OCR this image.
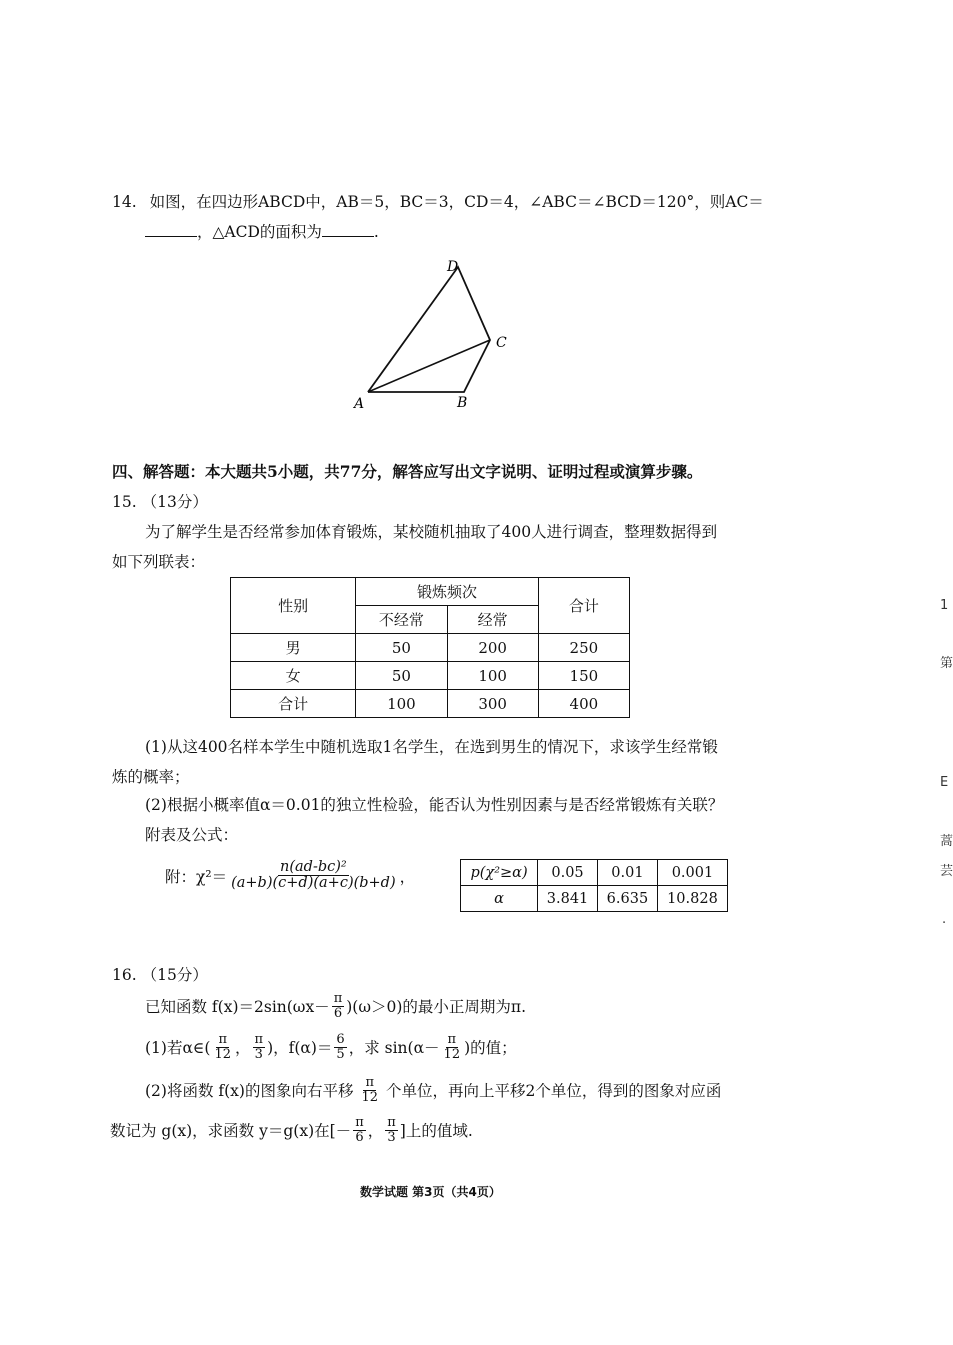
14. 如图，在四边形ABCD中，AB＝5，BC＝3，CD＝4，∠ABC＝∠BCD＝120°，则AC＝
，△ACD的面积为	.
D
C
A	B
四、解答题：本大题共5小题，共77分，解答应写出文字说明、证明过程或演算步骤。
15. （13分）
为了解学生是否经常参加体育锻炼，某校随机抽取了400人进行调查，整理数据得到
如下列联表：
性别	锻炼频次		合计
	不经常	经常	
男	50	200	250
女	50	100	150
合计	100	300	400
(1)从这400名样本学生中随机选取1名学生，在选到男生的情况下，求该学生经常锻
炼的概率；
(2)根据小概率值α＝0.01的独立性检验，能否认为性别因素与是否经常锻炼有关联？
附表及公式：
附：$\chi^2= \frac{\text{n(ad-bc)²}}{(a+b)(c+d)(a+c)(b+d)}$ ，	p(χ²≥α)	0.05	0.01	0.001
α	3.841	6.635	10.828
16. （15分）
已知函数 $f(x)=2\sin(\omega x- \frac{\pi}{6} )(\omega>0)$的最小正周期为π.
(1)若α∈( $\frac{\pi}{12}$ ， $\frac{\pi}{3}$ )，$f(\alpha)= \frac{6}{5}$ ，求 $\sin(\alpha- \frac{\pi}{12}$ )的值；
(2)将函数 f(x)的图象向右平移 $\frac{\pi}{12}$ 个单位，再向上平移2个单位，得到的图象对应函
数记为 g(x)，求函数 y＝g(x)在[－ $\frac{\pi}{6}$ ， $\frac{\pi}{3}$ ]上的值域.
数学试题 第3页（共4页）
1
第
E
蒿
芸
·
